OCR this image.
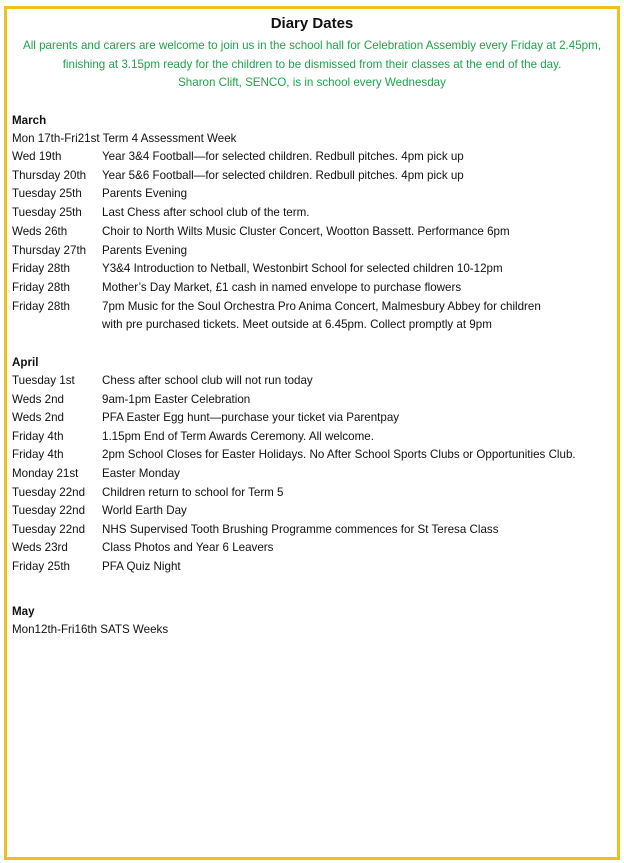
Diary Dates
All parents and carers are welcome to join us in the school hall for Celebration Assembly every Friday at 2.45pm,
finishing at 3.15pm ready for the children to be dismissed from their classes at the end of the day.
Sharon Clift, SENCO, is in school every Wednesday
March
Mon 17th-Fri21st Term 4 Assessment Week
Wed 19th	Year 3&4 Football—for selected children. Redbull pitches. 4pm pick up
Thursday 20th Year 5&6 Football—for selected children. Redbull pitches. 4pm pick up
Tuesday 25th Parents Evening
Tuesday 25th Last Chess after school club of the term.
Weds 26th	Choir to North Wilts Music Cluster Concert, Wootton Bassett. Performance 6pm
Thursday 27th Parents Evening
Friday 28th	Y3&4 Introduction to Netball, Westonbirt School for selected children 10-12pm
Friday 28th	Mother’s Day Market, £1 cash in named envelope to purchase flowers
Friday 28th	7pm Music for the Soul Orchestra Pro Anima Concert, Malmesbury Abbey for children
with pre purchased tickets. Meet outside at 6.45pm. Collect promptly at 9pm
April
Tuesday 1st Chess after school club will not run today
Weds 2nd	9am-1pm Easter Celebration
Weds 2nd	PFA Easter Egg hunt—purchase your ticket via Parentpay
Friday 4th	1.15pm End of Term Awards Ceremony. All welcome.
Friday 4th	2pm School Closes for Easter Holidays. No After School Sports Clubs or Opportunities Club.
Monday 21st Easter Monday
Tuesday 22nd Children return to school for Term 5
Tuesday 22nd World Earth Day
Tuesday 22nd NHS Supervised Tooth Brushing Programme commences for St Teresa Class
Weds 23rd	Class Photos and Year 6 Leavers
Friday 25th	PFA Quiz Night
May
Mon12th-Fri16th SATS Weeks
